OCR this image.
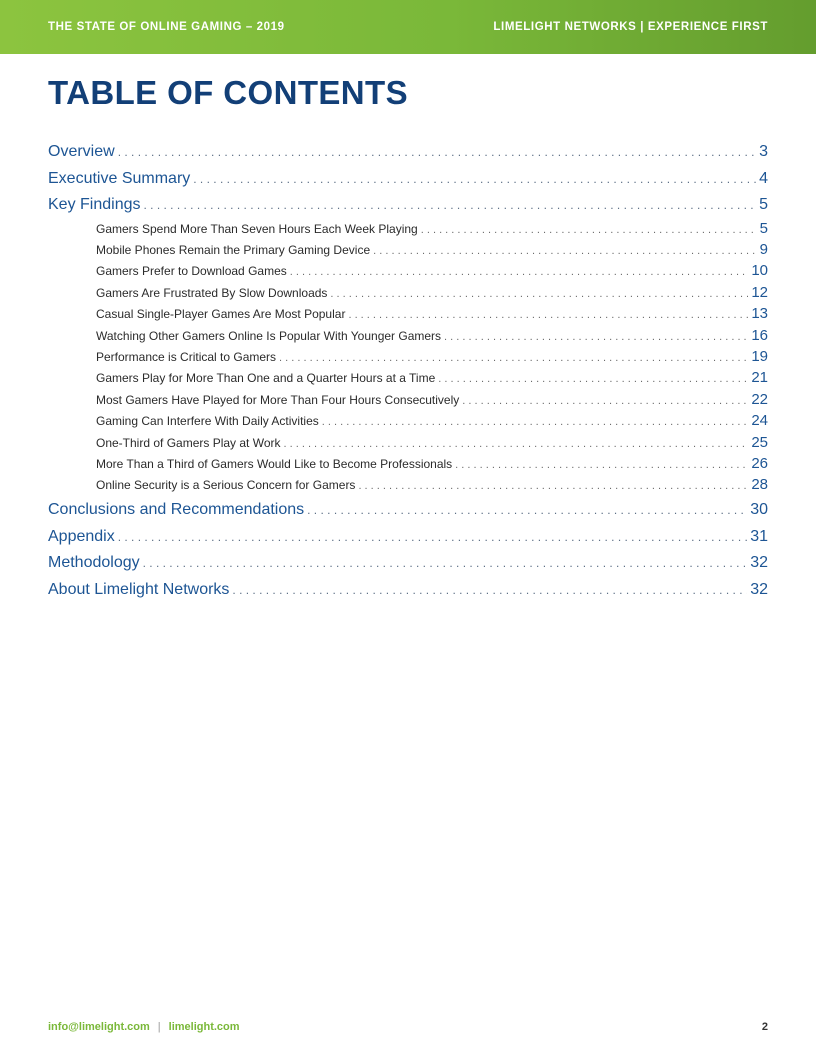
THE STATE OF ONLINE GAMING – 2019	LIMELIGHT NETWORKS | EXPERIENCE FIRST
TABLE OF CONTENTS
Overview . . .	3
Executive Summary . . .	4
Key Findings . . .	5
Gamers Spend More Than Seven Hours Each Week Playing . . .	5
Mobile Phones Remain the Primary Gaming Device . . .	9
Gamers Prefer to Download Games . . .	10
Gamers Are Frustrated By Slow Downloads . . .	12
Casual Single-Player Games Are Most Popular . . .	13
Watching Other Gamers Online Is Popular With Younger Gamers . . .	16
Performance is Critical to Gamers . . .	19
Gamers Play for More Than One and a Quarter Hours at a Time . . .	21
Most Gamers Have Played for More Than Four Hours Consecutively . . .	22
Gaming Can Interfere With Daily Activities . . .	24
One-Third of Gamers Play at Work . . .	25
More Than a Third of Gamers Would Like to Become Professionals . . .	26
Online Security is a Serious Concern for Gamers . . .	28
Conclusions and Recommendations . . .	30
Appendix . . .	31
Methodology . . .	32
About Limelight Networks . . .	32
info@limelight.com | limelight.com	2
